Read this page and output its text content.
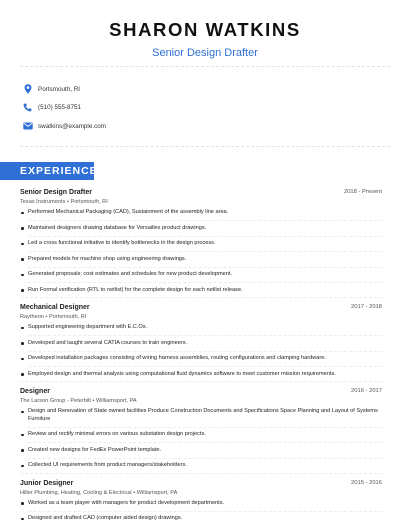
SHARON WATKINS
Senior Design Drafter
Portsmouth, RI
(510) 555-8751
swatkins@example.com
EXPERIENCE
Senior Design Drafter	2018 - Present
Texas Instruments • Portsmouth, RI
Performed Mechanical Packaging (CAD), Sustainment of the assembly line area.
Maintained designers drawing database for Versailles product drawings.
Led a cross functional initiative to identify bottlenecks in the design process.
Prepared models for machine shop using engineering drawings.
Generated proposals; cost estimates and schedules for new product development.
Run Formal verification (RTL to netlist) for the complete design for each netlist release.
Mechanical Designer	2017 - 2018
Raytheon • Portsmouth, RI
Supported engineering department with E.C.Os.
Developed and taught several CATIA courses to train engineers.
Developed installation packages consisting of wiring harness assemblies, routing configurations and clamping hardware.
Employed design and thermal analysis using computational fluid dynamics software to meet customer mission requirements.
Designer	2016 - 2017
The Larson Group - Peterbilt • Williamsport, PA
Design and Renovation of State owned facilities Produce Construction Documents and Specifications Space Planning and Layout of Systems Furniture
Review and rectify minimal errors on various substation design projects.
Created new designs for FedEx PowerPoint template.
Collected UI requirements from product managers/stakeholders.
Junior Designer	2015 - 2016
Hiller Plumbing, Heating, Cooling & Electrical • Williamsport, PA
Worked as a team player with managers for product development departments.
Designed and drafted CAD (computer aided design) drawings.
